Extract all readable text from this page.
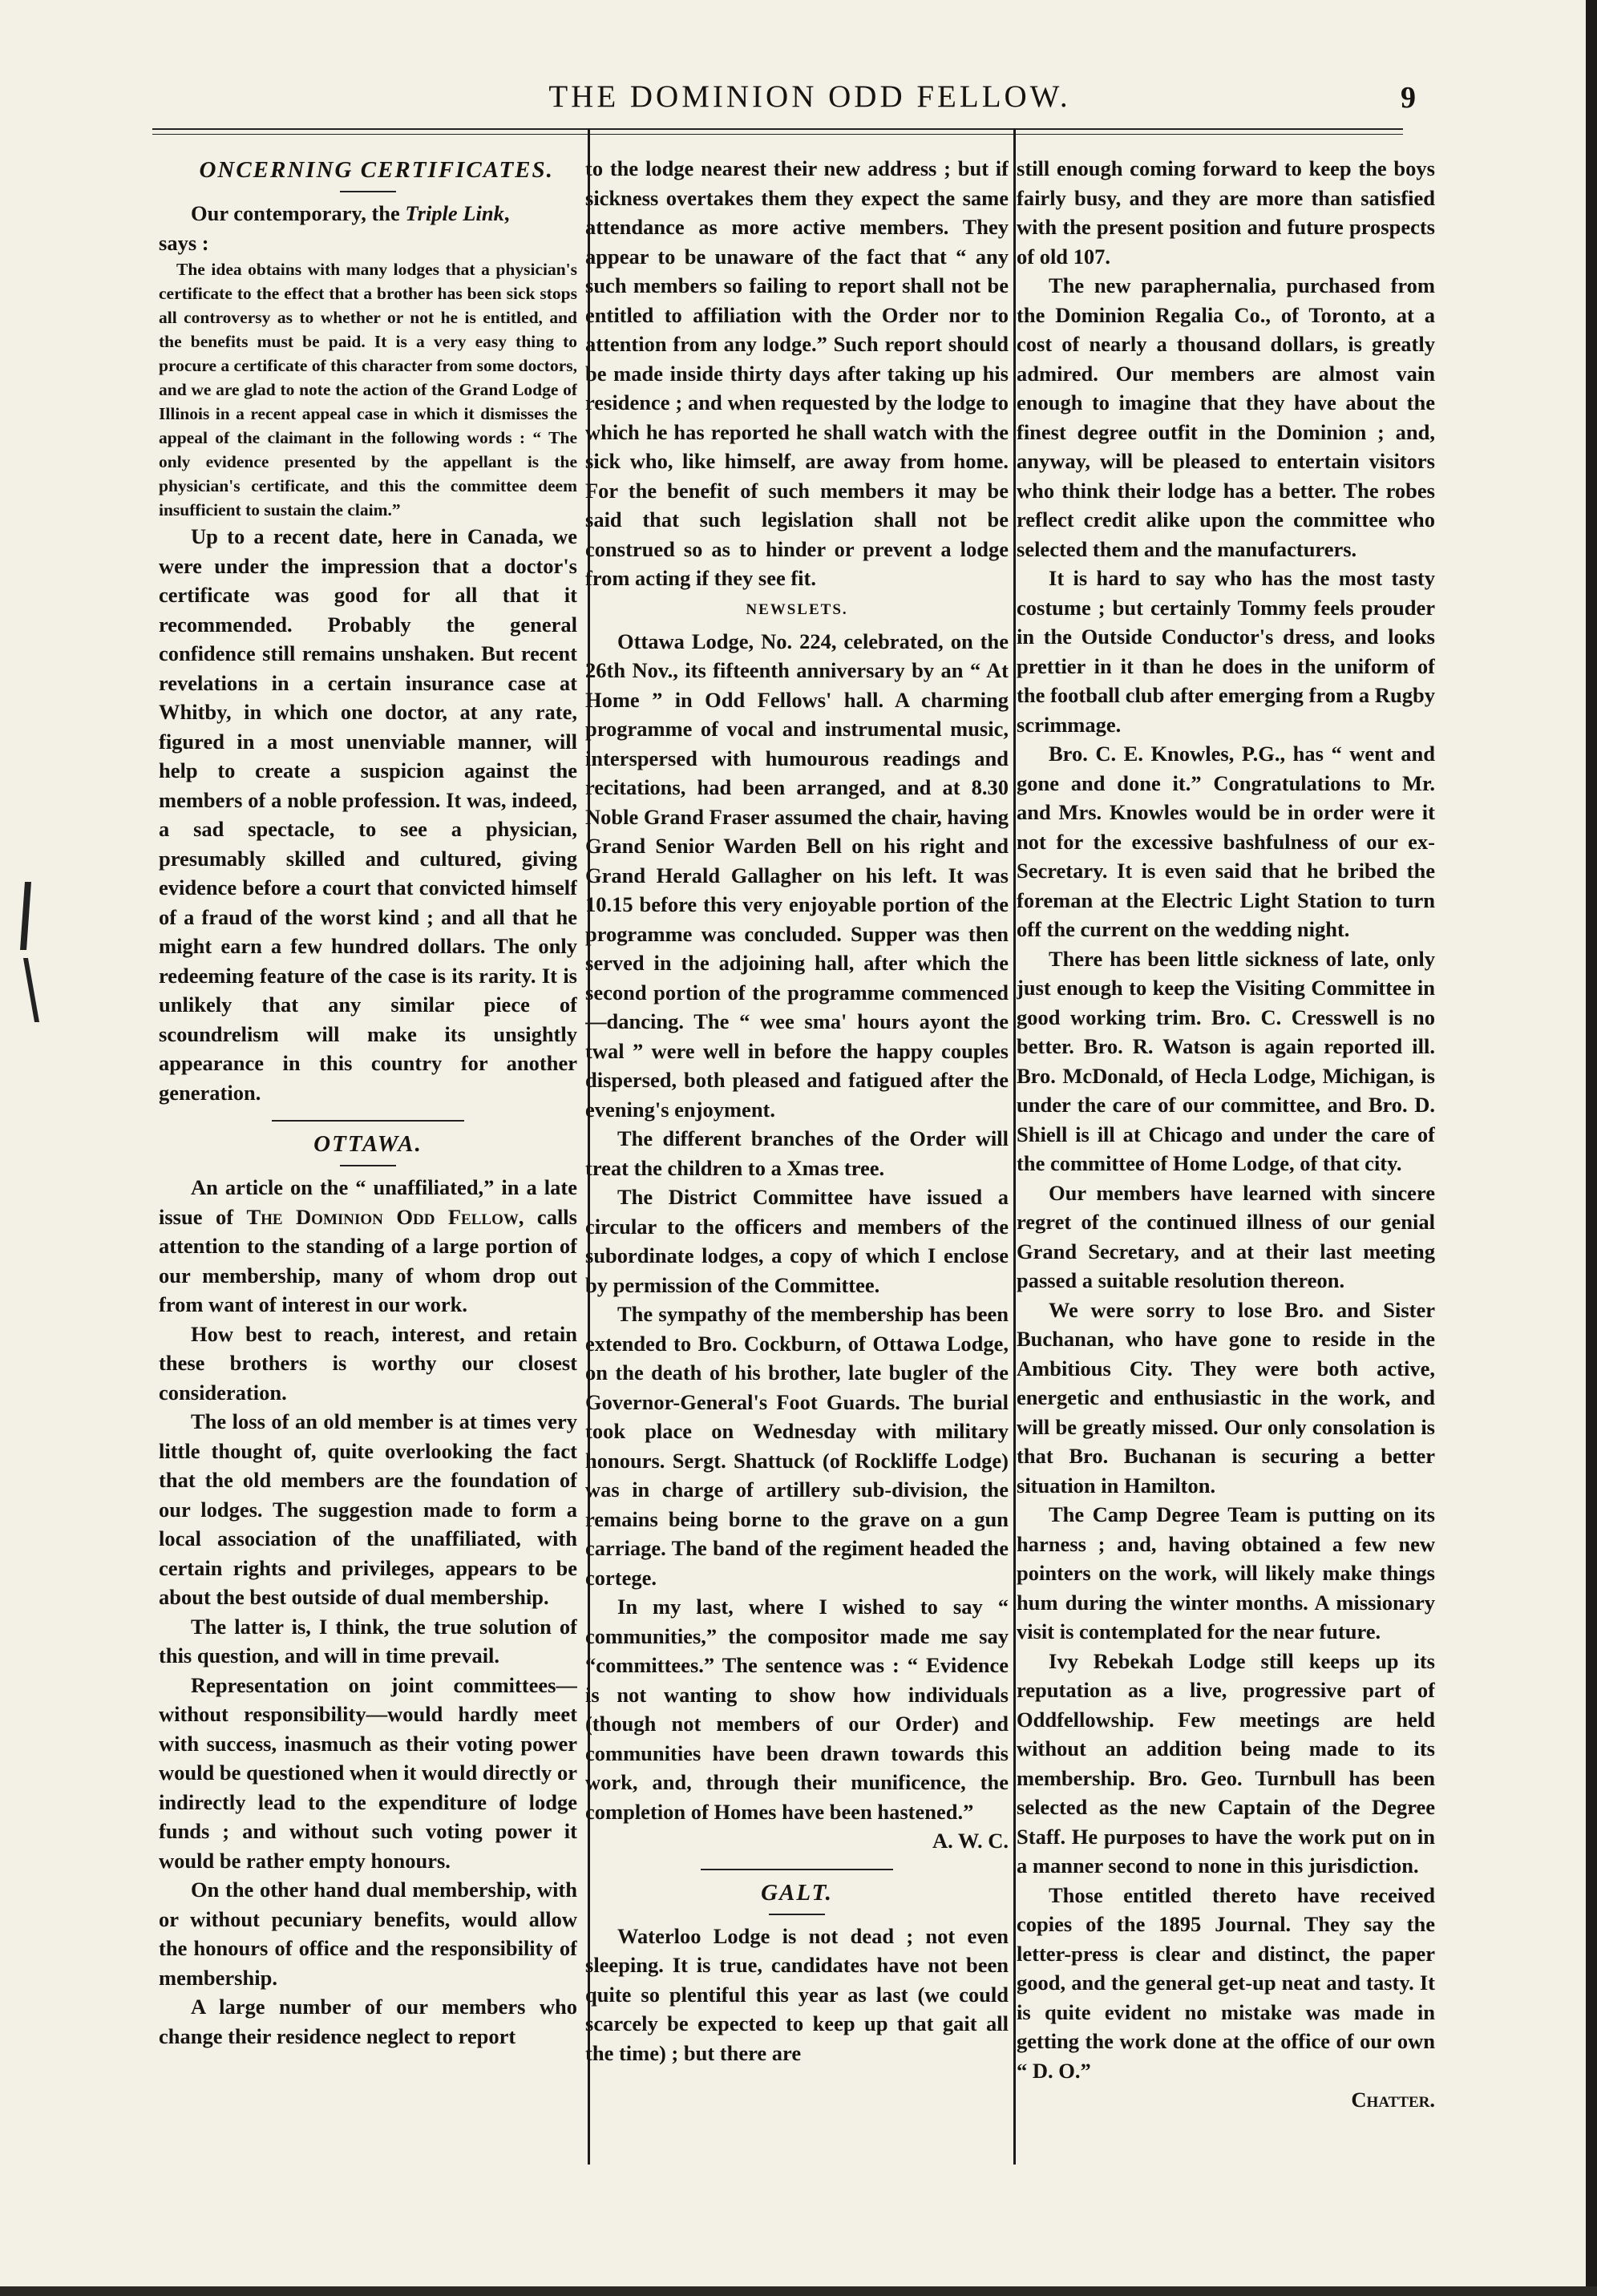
THE DOMINION ODD FELLOW.	9
ONCERNING CERTIFICATES.

Our contemporary, the Triple Link,

says :

The idea obtains with many lodges that a physician's certificate to the effect that a brother has been sick stops all controversy as to whether or not he is entitled, and the benefits must be paid. It is a very easy thing to procure a certificate of this character from some doctors, and we are glad to note the action of the Grand Lodge of Illinois in a recent appeal case in which it dismisses the appeal of the claimant in the following words : “ The only evidence presented by the appellant is the physician's certificate, and this the committee deem insufficient to sustain the claim.”

Up to a recent date, here in Canada, we were under the impression that a doctor's certificate was good for all that it recommended. Probably the general confidence still remains unshaken. But recent revelations in a certain insurance case at Whitby, in which one doctor, at any rate, figured in a most unenviable manner, will help to create a suspicion against the members of a noble profession. It was, indeed, a sad spectacle, to see a physician, presumably skilled and cultured, giving evidence before a court that convicted himself of a fraud of the worst kind ; and all that he might earn a few hundred dollars. The only redeeming feature of the case is its rarity. It is unlikely that any similar piece of scoundrelism will make its unsightly appearance in this country for another generation.

OTTAWA.

An article on the “ unaffiliated,” in a late issue of The Dominion Odd Fellow, calls attention to the standing of a large portion of our membership, many of whom drop out from want of interest in our work.

How best to reach, interest, and retain these brothers is worthy our closest consideration.

The loss of an old member is at times very little thought of, quite overlooking the fact that the old members are the foundation of our lodges. The suggestion made to form a local association of the unaffiliated, with certain rights and privileges, appears to be about the best outside of dual membership.

The latter is, I think, the true solution of this question, and will in time prevail.

Representation on joint committees—without responsibility—would hardly meet with success, inasmuch as their voting power would be questioned when it would directly or indirectly lead to the expenditure of lodge funds ; and without such voting power it would be rather empty honours.

On the other hand dual membership, with or without pecuniary benefits, would allow the honours of office and the responsibility of membership.

A large number of our members who change their residence neglect to report

to the lodge nearest their new address ; but if sickness overtakes them they expect the same attendance as more active members. They appear to be unaware of the fact that “ any such members so failing to report shall not be entitled to affiliation with the Order nor to attention from any lodge.” Such report should be made inside thirty days after taking up his residence ; and when requested by the lodge to which he has reported he shall watch with the sick who, like himself, are away from home. For the benefit of such members it may be said that such legislation shall not be construed so as to hinder or prevent a lodge from acting if they see fit.

NEWSLETS.

Ottawa Lodge, No. 224, celebrated, on the 26th Nov., its fifteenth anniversary by an “ At Home ” in Odd Fellows' hall. A charming programme of vocal and instrumental music, interspersed with humourous readings and recitations, had been arranged, and at 8.30 Noble Grand Fraser assumed the chair, having Grand Senior Warden Bell on his right and Grand Herald Gallagher on his left. It was 10.15 before this very enjoyable portion of the programme was concluded. Supper was then served in the adjoining hall, after which the second portion of the programme commenced—dancing. The “ wee sma' hours ayont the twal ” were well in before the happy couples dispersed, both pleased and fatigued after the evening's enjoyment.

The different branches of the Order will treat the children to a Xmas tree.

The District Committee have issued a circular to the officers and members of the subordinate lodges, a copy of which I enclose by permission of the Committee.

The sympathy of the membership has been extended to Bro. Cockburn, of Ottawa Lodge, on the death of his brother, late bugler of the Governor-General's Foot Guards. The burial took place on Wednesday with military honours. Sergt. Shattuck (of Rockliffe Lodge) was in charge of artillery sub-division, the remains being borne to the grave on a gun carriage. The band of the regiment headed the cortege.

In my last, where I wished to say “ communities,” the compositor made me say “committees.” The sentence was : “ Evidence is not wanting to show how individuals (though not members of our Order) and communities have been drawn towards this work, and, through their munificence, the completion of Homes have been hastened.”

A. W. C.

GALT.

Waterloo Lodge is not dead ; not even sleeping. It is true, candidates have not been quite so plentiful this year as last (we could scarcely be expected to keep up that gait all the time) ; but there are

still enough coming forward to keep the boys fairly busy, and they are more than satisfied with the present position and future prospects of old 107.

The new paraphernalia, purchased from the Dominion Regalia Co., of Toronto, at a cost of nearly a thousand dollars, is greatly admired. Our members are almost vain enough to imagine that they have about the finest degree outfit in the Dominion ; and, anyway, will be pleased to entertain visitors who think their lodge has a better. The robes reflect credit alike upon the committee who selected them and the manufacturers.

It is hard to say who has the most tasty costume ; but certainly Tommy feels prouder in the Outside Conductor's dress, and looks prettier in it than he does in the uniform of the football club after emerging from a Rugby scrimmage.

Bro. C. E. Knowles, P.G., has “ went and gone and done it.” Congratulations to Mr. and Mrs. Knowles would be in order were it not for the excessive bashfulness of our ex-Secretary. It is even said that he bribed the foreman at the Electric Light Station to turn off the current on the wedding night.

There has been little sickness of late, only just enough to keep the Visiting Committee in good working trim. Bro. C. Cresswell is no better. Bro. R. Watson is again reported ill. Bro. McDonald, of Hecla Lodge, Michigan, is under the care of our committee, and Bro. D. Shiell is ill at Chicago and under the care of the committee of Home Lodge, of that city.

Our members have learned with sincere regret of the continued illness of our genial Grand Secretary, and at their last meeting passed a suitable resolution thereon.

We were sorry to lose Bro. and Sister Buchanan, who have gone to reside in the Ambitious City. They were both active, energetic and enthusiastic in the work, and will be greatly missed. Our only consolation is that Bro. Buchanan is securing a better situation in Hamilton.

The Camp Degree Team is putting on its harness ; and, having obtained a few new pointers on the work, will likely make things hum during the winter months. A missionary visit is contemplated for the near future.

Ivy Rebekah Lodge still keeps up its reputation as a live, progressive part of Oddfellowship. Few meetings are held without an addition being made to its membership. Bro. Geo. Turnbull has been selected as the new Captain of the Degree Staff. He purposes to have the work put on in a manner second to none in this jurisdiction.

Those entitled thereto have received copies of the 1895 Journal. They say the letter-press is clear and distinct, the paper good, and the general get-up neat and tasty. It is quite evident no mistake was made in getting the work done at the office of our own “ D. O.”

Chatter.
